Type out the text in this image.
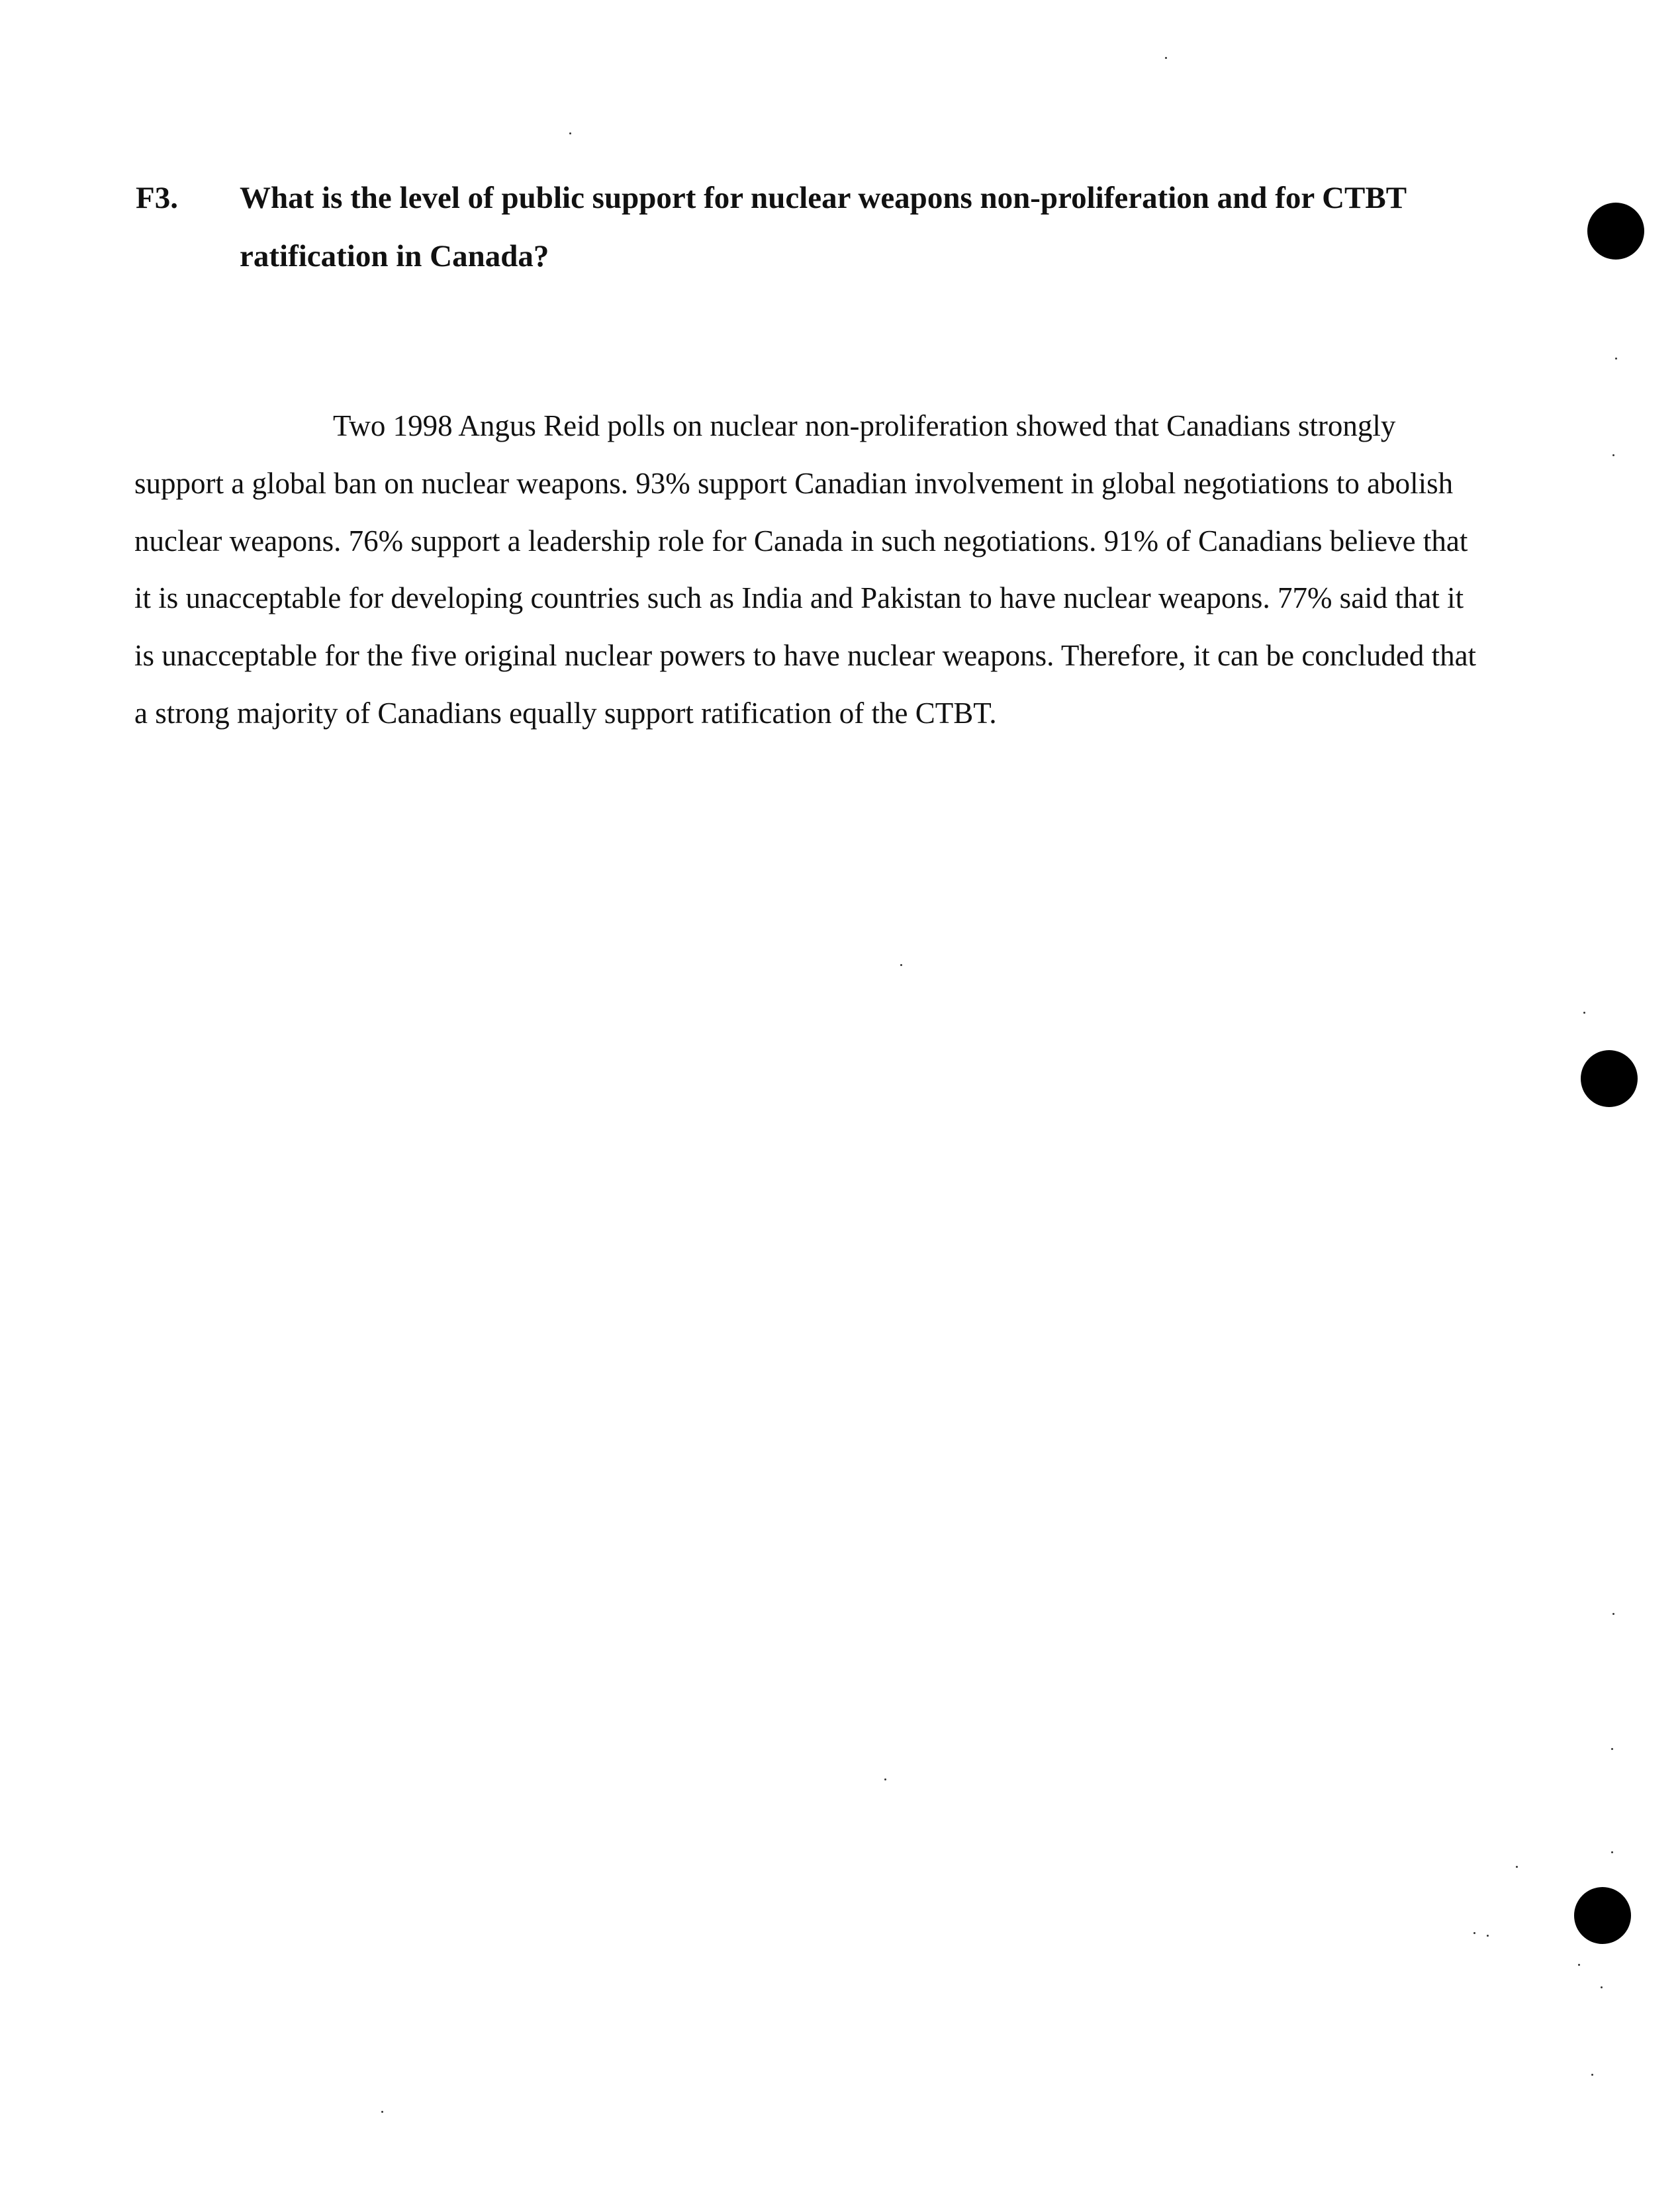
F3.	What is the level of public support for nuclear weapons non-proliferation and for CTBT ratification in Canada?

Two 1998 Angus Reid polls on nuclear non-proliferation showed that Canadians strongly support a global ban on nuclear weapons. 93% support Canadian involvement in global negotiations to abolish nuclear weapons. 76% support a leadership role for Canada in such negotiations. 91% of Canadians believe that it is unacceptable for developing countries such as India and Pakistan to have nuclear weapons. 77% said that it is unacceptable for the five original nuclear powers to have nuclear weapons. Therefore, it can be concluded that a strong majority of Canadians equally support ratification of the CTBT.
